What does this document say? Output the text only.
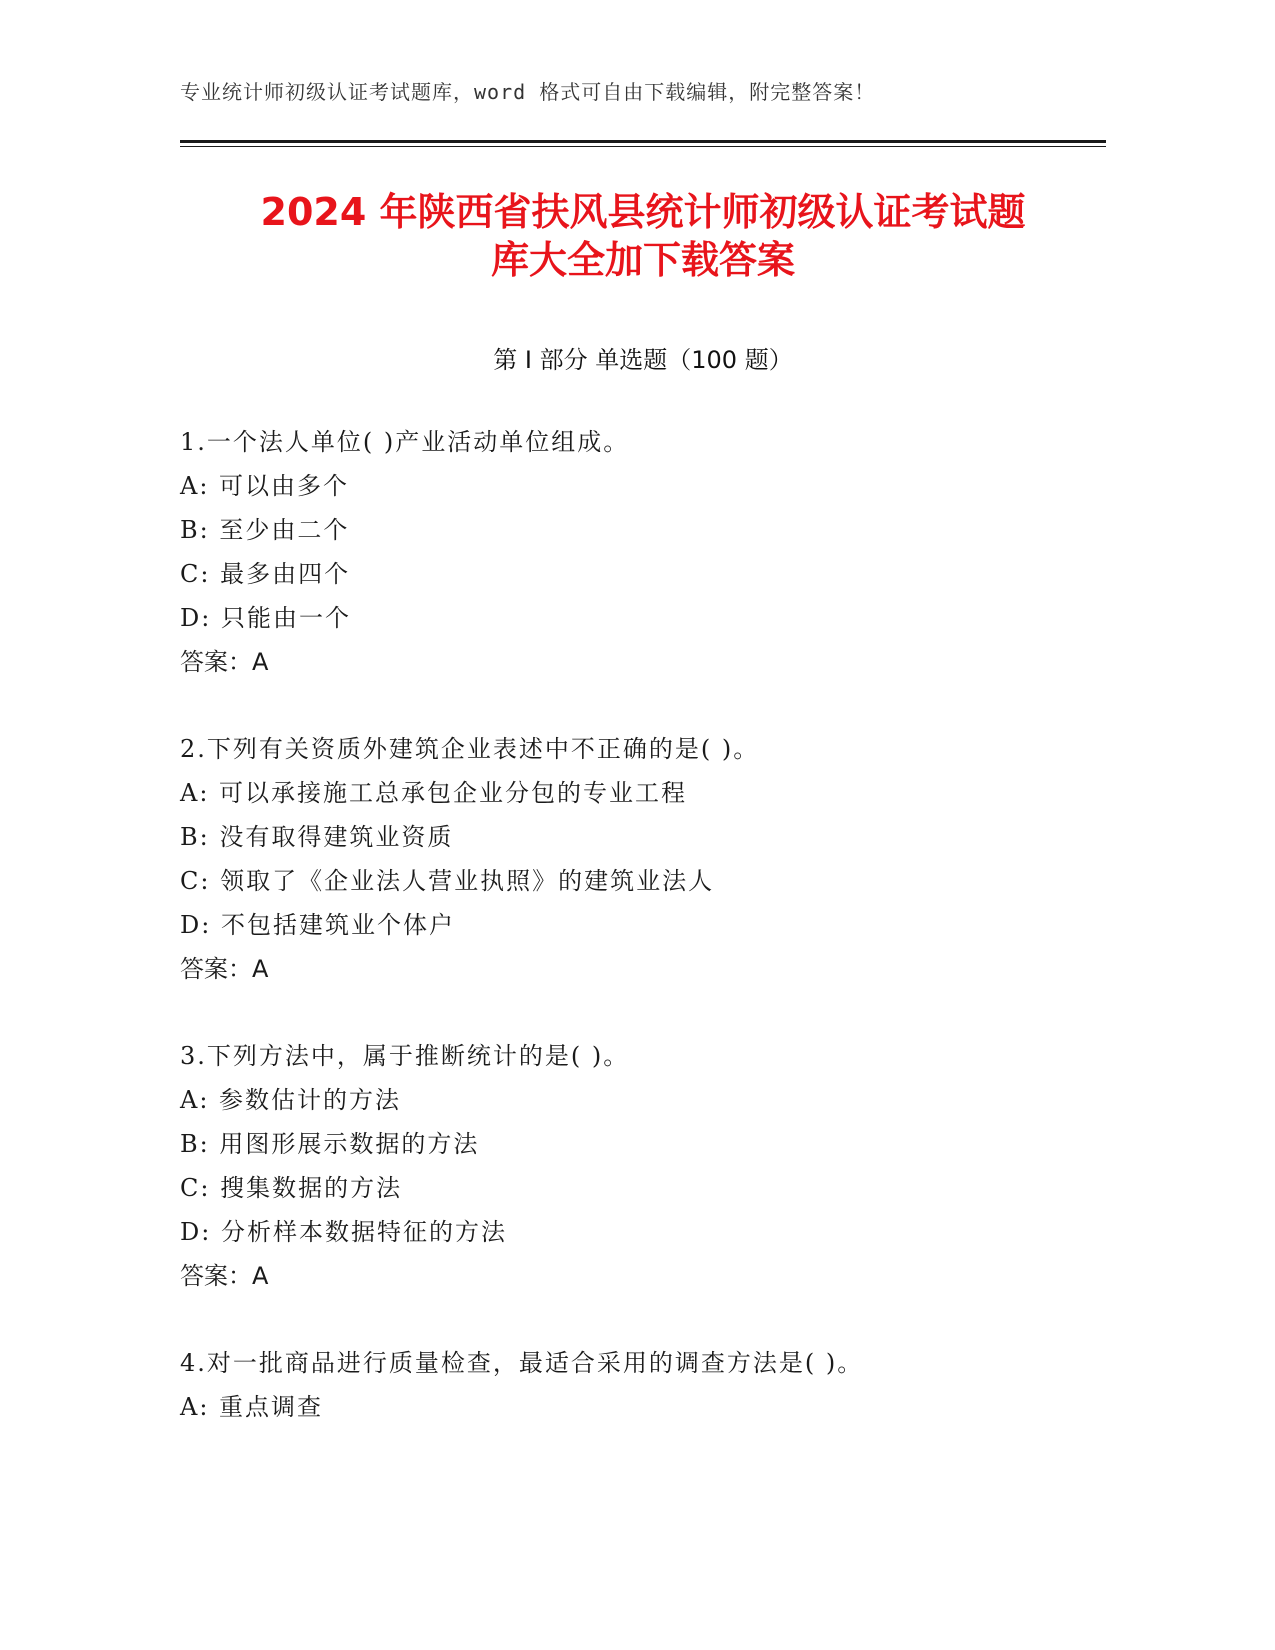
专业统计师初级认证考试题库，word 格式可自由下载编辑，附完整答案！
2024 年陕西省扶风县统计师初级认证考试题
库大全加下载答案
第 I 部分 单选题（100 题）
1.一个法人单位( )产业活动单位组成。
A: 可以由多个
B: 至少由二个
C: 最多由四个
D: 只能由一个
答案：A
2.下列有关资质外建筑企业表述中不正确的是( )。
A: 可以承接施工总承包企业分包的专业工程
B: 没有取得建筑业资质
C: 领取了《企业法人营业执照》的建筑业法人
D: 不包括建筑业个体户
答案：A
3.下列方法中，属于推断统计的是( )。
A: 参数估计的方法
B: 用图形展示数据的方法
C: 搜集数据的方法
D: 分析样本数据特征的方法
答案：A
4.对一批商品进行质量检查，最适合采用的调查方法是( )。
A: 重点调查
